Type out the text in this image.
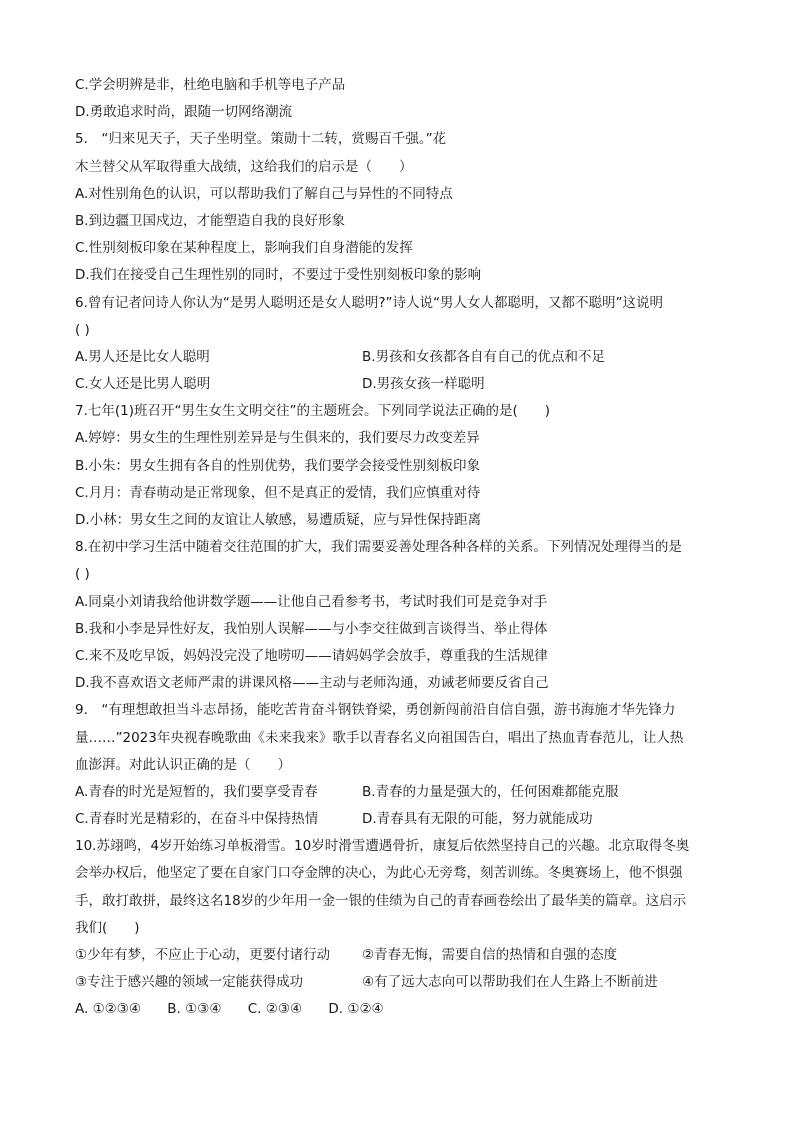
C.学会明辨是非，杜绝电脑和手机等电子产品
D.勇敢追求时尚，跟随一切网络潮流
5.　“归来见天子，天子坐明堂。策勋十二转，赏赐百千强。”花
木兰替父从军取得重大战绩，这给我们的启示是（　　）
A.对性别角色的认识，可以帮助我们了解自己与异性的不同特点
B.到边疆卫国戍边，才能塑造自我的良好形象
C.性别刻板印象在某种程度上，影响我们自身潜能的发挥
D.我们在接受自己生理性别的同时，不要过于受性别刻板印象的影响
6.曾有记者问诗人你认为“是男人聪明还是女人聪明?”诗人说“男人女人都聪明，又都不聪明”这说明
( )
A.男人还是比女人聪明	B.男孩和女孩都各自有自己的优点和不足
C.女人还是比男人聪明	D.男孩女孩一样聪明
7.七年(1)班召开“男生女生文明交往”的主题班会。下列同学说法正确的是(　　)
A.婷婷：男女生的生理性别差异是与生俱来的，我们要尽力改变差异
B.小朱：男女生拥有各自的性别优势，我们要学会接受性别刻板印象
C.月月：青春萌动是正常现象，但不是真正的爱情，我们应慎重对待
D.小林：男女生之间的友谊让人敏感，易遭质疑，应与异性保持距离
8.在初中学习生活中随着交往范围的扩大，我们需要妥善处理各种各样的关系。下列情况处理得当的是
( )
A.同桌小刘请我给他讲数学题——让他自己看参考书，考试时我们可是竞争对手
B.我和小李是异性好友，我怕别人误解——与小李交往做到言谈得当、举止得体
C.来不及吃早饭，妈妈没完没了地唠叨——请妈妈学会放手，尊重我的生活规律
D.我不喜欢语文老师严肃的讲课风格——主动与老师沟通，劝诫老师要反省自己
9.　“有理想敢担当斗志昂扬，能吃苦肯奋斗钢铁脊梁，勇创新闯前沿自信自强，游书海施才华先锋力
量……”2023年央视春晚歌曲《未来我来》歌手以青春名义向祖国告白，唱出了热血青春范儿，让人热
血澎湃。对此认识正确的是（　　）
A.青春的时光是短暂的，我们要享受青春	B.青春的力量是强大的，任何困难都能克服
C.青春时光是精彩的，在奋斗中保持热情	D.青春具有无限的可能，努力就能成功
10.苏翊鸣，4岁开始练习单板滑雪。10岁时滑雪遭遇骨折，康复后依然坚持自己的兴趣。北京取得冬奥
会举办权后，他坚定了要在自家门口夺金牌的决心，为此心无旁骛，刻苦训练。冬奥赛场上，他不惧强
手，敢打敢拼，最终这名18岁的少年用一金一银的佳绩为自己的青春画卷绘出了最华美的篇章。这启示
我们(　　)
①少年有梦，不应止于心动，更要付诸行动	②青春无悔，需要自信的热情和自强的态度
③专注于感兴趣的领域一定能获得成功	④有了远大志向可以帮助我们在人生路上不断前进
A. ①②③④ B. ①③④ C. ②③④ D. ①②④
